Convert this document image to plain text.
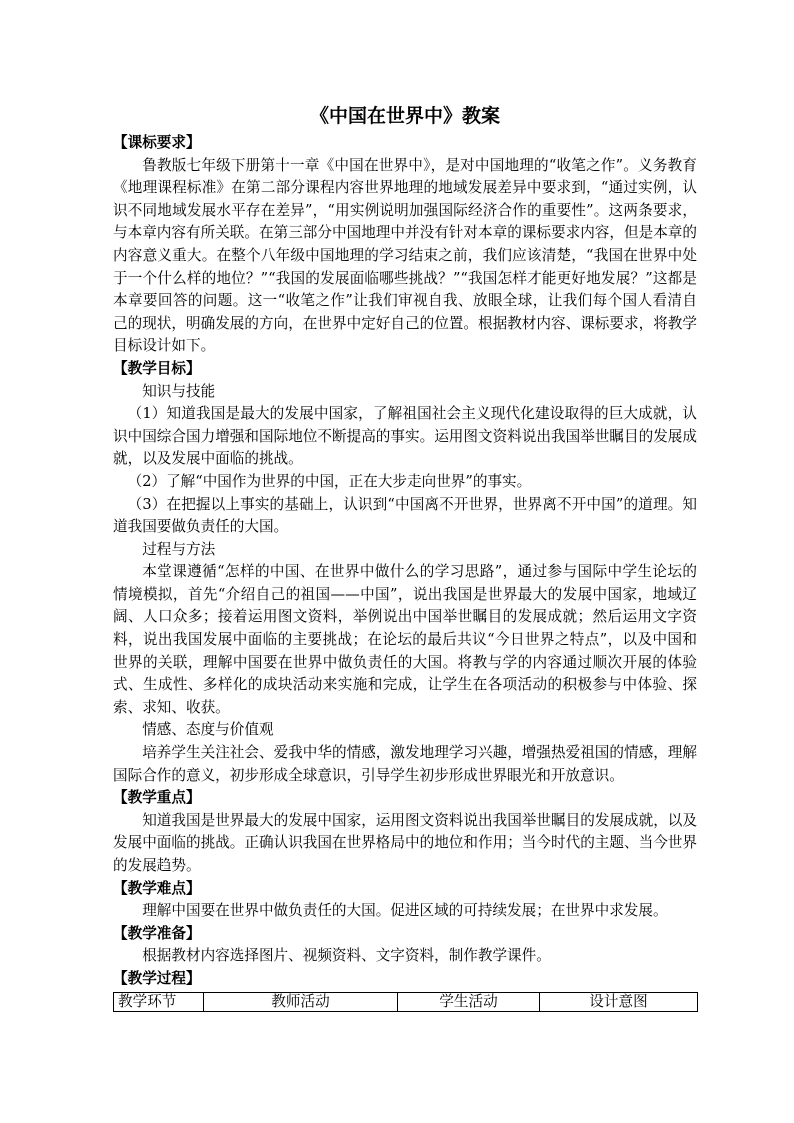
《中国在世界中》教案

【课标要求】

鲁教版七年级下册第十一章《中国在世界中》，是对中国地理的“收笔之作”。义务教育《地理课程标准》在第二部分课程内容世界地理的地域发展差异中要求到，“通过实例，认识不同地域发展水平存在差异”，“用实例说明加强国际经济合作的重要性”。这两条要求，与本章内容有所关联。在第三部分中国地理中并没有针对本章的课标要求内容，但是本章的内容意义重大。在整个八年级中国地理的学习结束之前，我们应该清楚，“我国在世界中处于一个什么样的地位？”“我国的发展面临哪些挑战？”“我国怎样才能更好地发展？”这都是本章要回答的问题。这一“收笔之作”让我们审视自我、放眼全球，让我们每个国人看清自己的现状，明确发展的方向，在世界中定好自己的位置。根据教材内容、课标要求，将教学目标设计如下。

【教学目标】

知识与技能

（1）知道我国是最大的发展中国家，了解祖国社会主义现代化建设取得的巨大成就，认识中国综合国力增强和国际地位不断提高的事实。运用图文资料说出我国举世瞩目的发展成就，以及发展中面临的挑战。

（2）了解“中国作为世界的中国，正在大步走向世界”的事实。

（3）在把握以上事实的基础上，认识到“中国离不开世界，世界离不开中国”的道理。知道我国要做负责任的大国。

过程与方法

本堂课遵循“怎样的中国、在世界中做什么的学习思路”，通过参与国际中学生论坛的情境模拟，首先“介绍自己的祖国——中国”，说出我国是世界最大的发展中国家，地域辽阔、人口众多；接着运用图文资料，举例说出中国举世瞩目的发展成就；然后运用文字资料，说出我国发展中面临的主要挑战；在论坛的最后共议“今日世界之特点”，以及中国和世界的关联，理解中国要在世界中做负责任的大国。将教与学的内容通过顺次开展的体验式、生成性、多样化的成块活动来实施和完成，让学生在各项活动的积极参与中体验、探索、求知、收获。

情感、态度与价值观

培养学生关注社会、爱我中华的情感，激发地理学习兴趣，增强热爱祖国的情感，理解国际合作的意义，初步形成全球意识，引导学生初步形成世界眼光和开放意识。

【教学重点】

知道我国是世界最大的发展中国家，运用图文资料说出我国举世瞩目的发展成就，以及发展中面临的挑战。正确认识我国在世界格局中的地位和作用；当今时代的主题、当今世界的发展趋势。

【教学难点】

理解中国要在世界中做负责任的大国。促进区域的可持续发展；在世界中求发展。

【教学准备】

根据教材内容选择图片、视频资料、文字资料，制作教学课件。

【教学过程】

教学环节	教师活动	学生活动	设计意图
